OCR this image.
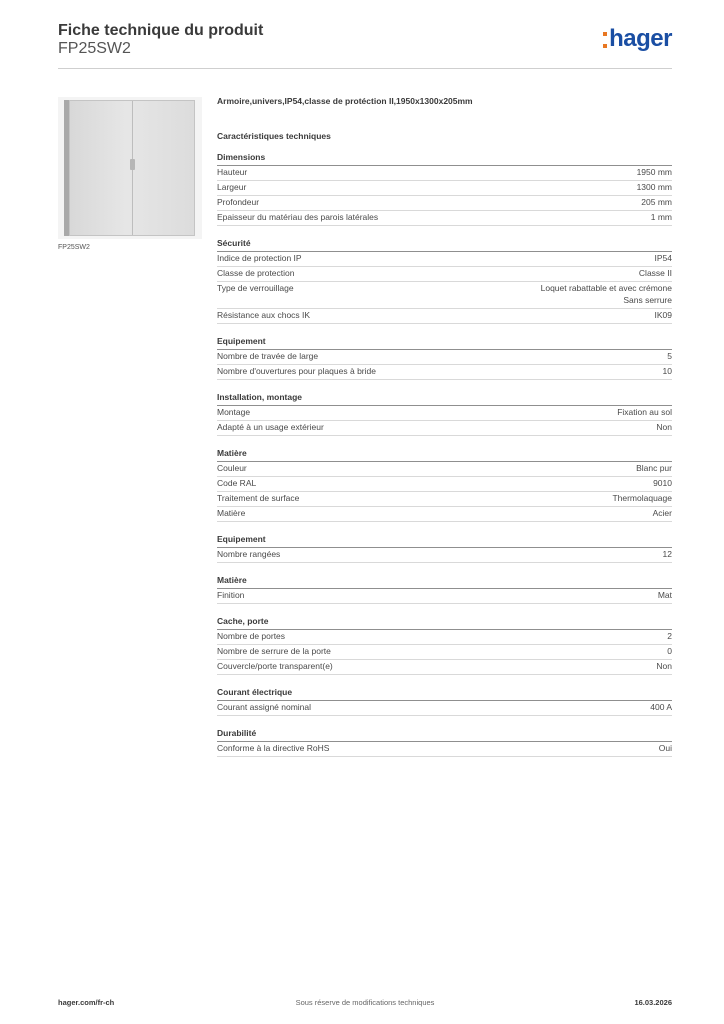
Fiche technique du produit
FP25SW2	hager
FP25SW2
Armoire,univers,IP54,classe de protéction II,1950x1300x205mm
Caractéristiques techniques
Dimensions
Hauteur	1950 mm
Largeur	1300 mm
Profondeur	205 mm
Epaisseur du matériau des parois latérales	1 mm
Sécurité
Indice de protection IP	IP54
Classe de protection	Classe II
Type de verrouillage	Loquet rabattable et avec crémone
Sans serrure
Résistance aux chocs IK	IK09
Equipement
Nombre de travée de large	5
Nombre d'ouvertures pour plaques à bride	10
Installation, montage
Montage	Fixation au sol
Adapté à un usage extérieur	Non
Matière
Couleur	Blanc pur
Code RAL	9010
Traitement de surface	Thermolaquage
Matière	Acier
Equipement
Nombre rangées	12
Matière
Finition	Mat
Cache, porte
Nombre de portes	2
Nombre de serrure de la porte	0
Couvercle/porte transparent(e)	Non
Courant électrique
Courant assigné nominal	400 A
Durabilité
Conforme à la directive RoHS	Oui
hager.com/fr-ch	Sous réserve de modifications techniques	16.03.2026
